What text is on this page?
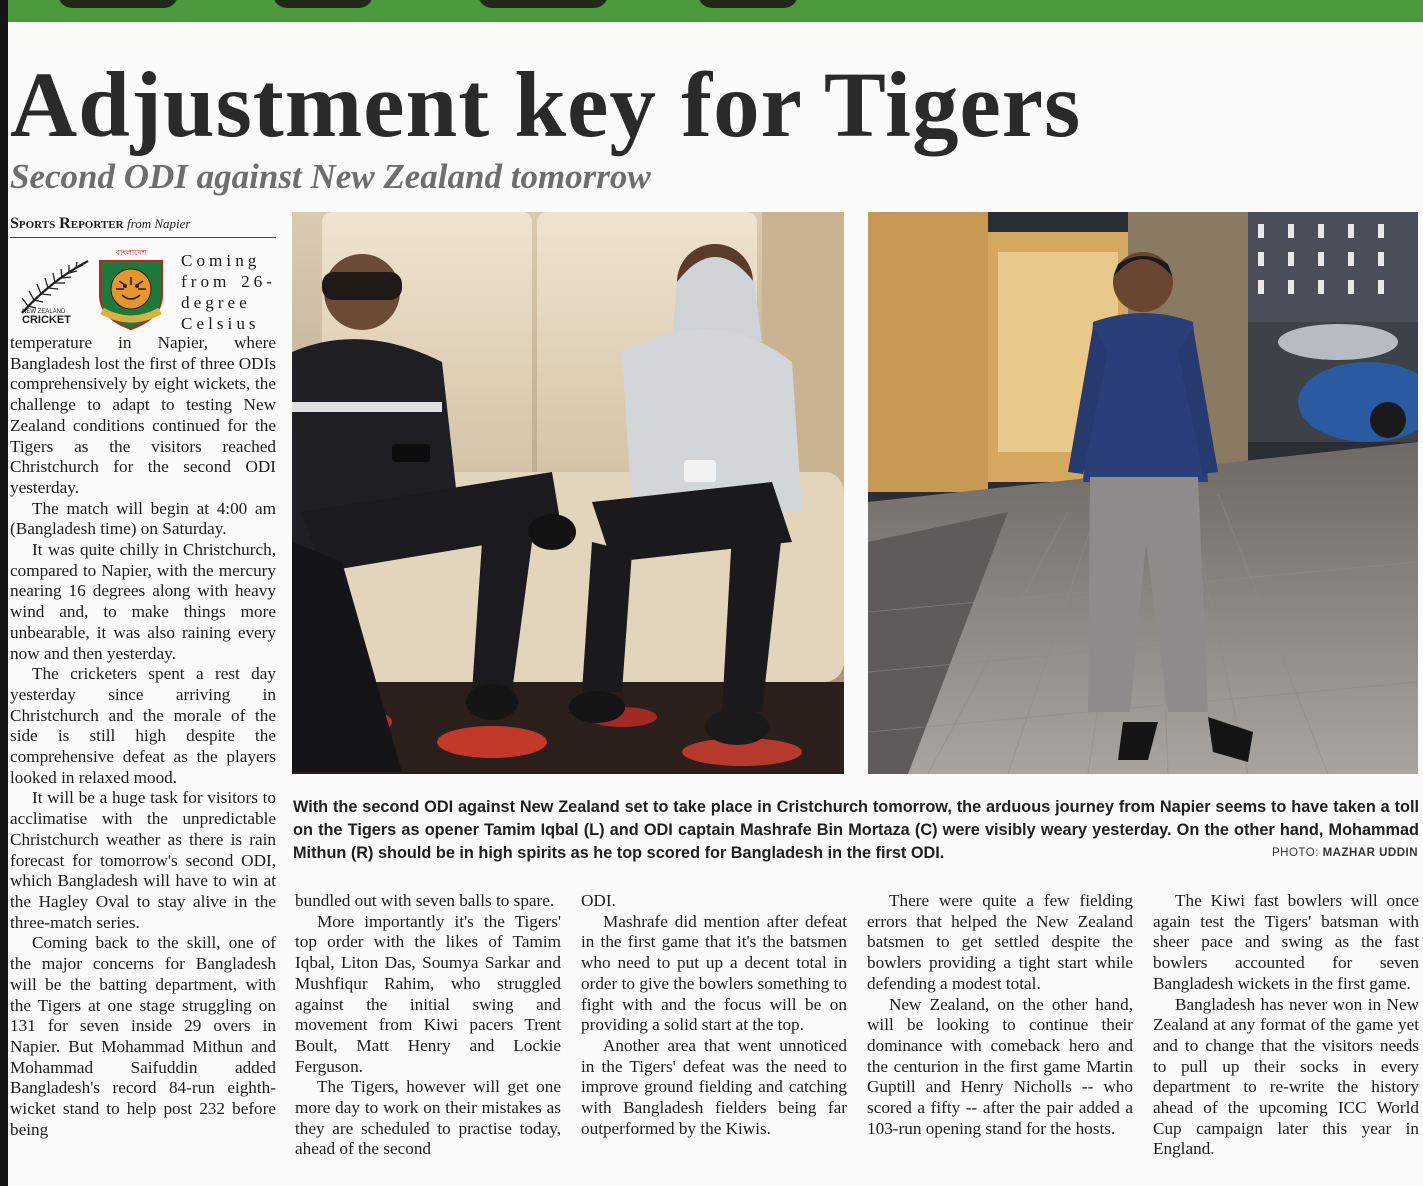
Adjustment key for Tigers
Second ODI against New Zealand tomorrow
Sports Reporter from Napier
NEW ZEALAND
CRICKET
বাংলাদেশ Coming from 26-degree Celsius

temperature in Napier, where Bangladesh lost the first of three ODIs comprehensively by eight wickets, the challenge to adapt to testing New Zealand conditions continued for the Tigers as the visitors reached Christchurch for the second ODI yesterday.

The match will begin at 4:00 am (Bangladesh time) on Saturday.

It was quite chilly in Christchurch, compared to Napier, with the mercury nearing 16 degrees along with heavy wind and, to make things more unbearable, it was also raining every now and then yesterday.

The cricketers spent a rest day yesterday since arriving in Christchurch and the morale of the side is still high despite the comprehensive defeat as the players looked in relaxed mood.

It will be a huge task for visitors to acclimatise with the unpredictable Christchurch weather as there is rain forecast for tomorrow's second ODI, which Bangladesh will have to win at the Hagley Oval to stay alive in the three-match series.

Coming back to the skill, one of the major concerns for Bangladesh will be the batting department, with the Tigers at one stage struggling on 131 for seven inside 29 overs in Napier. But Mohammad Mithun and Mohammad Saifuddin added Bangladesh's record 84-run eighth-wicket stand to help post 232 before being

With the second ODI against New Zealand set to take place in Cristchurch tomorrow, the arduous journey from Napier seems to have taken a toll on the Tigers as opener Tamim Iqbal (L) and ODI captain Mashrafe Bin Mortaza (C) were visibly weary yesterday. On the other hand, Mohammad Mithun (R) should be in high spirits as he top scored for Bangladesh in the first ODI.	PHOTO: MAZHAR UDDIN

bundled out with seven balls to spare.

More importantly it's the Tigers' top order with the likes of Tamim Iqbal, Liton Das, Soumya Sarkar and Mushfiqur Rahim, who struggled against the initial swing and movement from Kiwi pacers Trent Boult, Matt Henry and Lockie Ferguson.

The Tigers, however will get one more day to work on their mistakes as they are scheduled to practise today, ahead of the second

ODI.

Mashrafe did mention after defeat in the first game that it's the batsmen who need to put up a decent total in order to give the bowlers something to fight with and the focus will be on providing a solid start at the top.

Another area that went unnoticed in the Tigers' defeat was the need to improve ground fielding and catching with Bangladesh fielders being far outperformed by the Kiwis.

There were quite a few fielding errors that helped the New Zealand batsmen to get settled despite the bowlers providing a tight start while defending a modest total.

New Zealand, on the other hand, will be looking to continue their dominance with comeback hero and the centurion in the first game Martin Guptill and Henry Nicholls -- who scored a fifty -- after the pair added a 103-run opening stand for the hosts.

The Kiwi fast bowlers will once again test the Tigers' batsman with sheer pace and swing as the fast bowlers accounted for seven Bangladesh wickets in the first game.

Bangladesh has never won in New Zealand at any format of the game yet and to change that the visitors needs to pull up their socks in every department to re-write the history ahead of the upcoming ICC World Cup campaign later this year in England.
